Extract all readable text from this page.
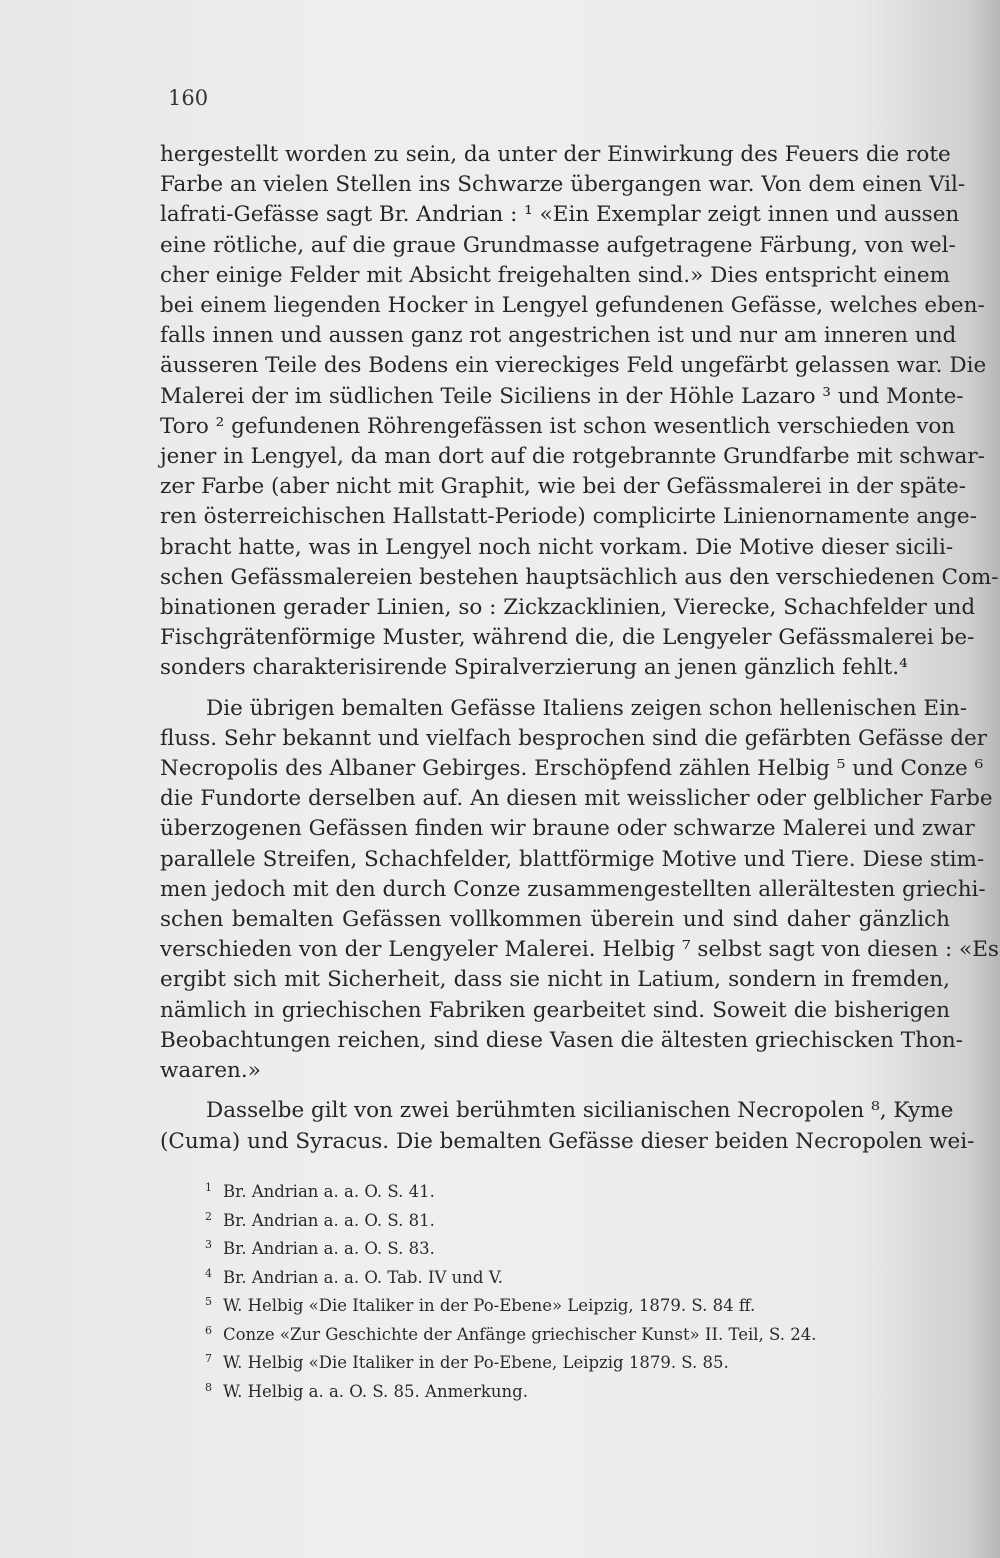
160
hergestellt worden zu sein, da unter der Einwirkung des Feuers die rote
Farbe an vielen Stellen ins Schwarze übergangen war. Von dem einen Vil-
lafrati-Gefässe sagt Br. Andrian : ¹ «Ein Exemplar zeigt innen und aussen
eine rötliche, auf die graue Grundmasse aufgetragene Färbung, von wel-
cher einige Felder mit Absicht freigehalten sind.» Dies entspricht einem
bei einem liegenden Hocker in Lengyel gefundenen Gefässe, welches eben-
falls innen und aussen ganz rot angestrichen ist und nur am inneren und
äusseren Teile des Bodens ein viereckiges Feld ungefärbt gelassen war. Die
Malerei der im südlichen Teile Siciliens in der Höhle Lazaro ³ und Monte-
Toro ² gefundenen Röhrengefässen ist schon wesentlich verschieden von
jener in Lengyel, da man dort auf die rotgebrannte Grundfarbe mit schwar-
zer Farbe (aber nicht mit Graphit, wie bei der Gefässmalerei in der späte-
ren österreichischen Hallstatt-Periode) complicirte Linienornamente ange-
bracht hatte, was in Lengyel noch nicht vorkam. Die Motive dieser sicili-
schen Gefässmalereien bestehen hauptsächlich aus den verschiedenen Com-
binationen gerader Linien, so : Zickzacklinien, Vierecke, Schachfelder und
Fischgrätenförmige Muster, während die, die Lengyeler Gefässmalerei be-
sonders charakterisirende Spiralverzierung an jenen gänzlich fehlt.⁴
Die übrigen bemalten Gefässe Italiens zeigen schon hellenischen Ein-
fluss. Sehr bekannt und vielfach besprochen sind die gefärbten Gefässe der
Necropolis des Albaner Gebirges. Erschöpfend zählen Helbig ⁵ und Conze ⁶
die Fundorte derselben auf. An diesen mit weisslicher oder gelblicher Farbe
überzogenen Gefässen finden wir braune oder schwarze Malerei und zwar
parallele Streifen, Schachfelder, blattförmige Motive und Tiere. Diese stim-
men jedoch mit den durch Conze zusammengestellten allerältesten griechi-
schen bemalten Gefässen vollkommen überein und sind daher gänzlich
verschieden von der Lengyeler Malerei. Helbig ⁷ selbst sagt von diesen : «Es
ergibt sich mit Sicherheit, dass sie nicht in Latium, sondern in fremden,
nämlich in griechischen Fabriken gearbeitet sind. Soweit die bisherigen
Beobachtungen reichen, sind diese Vasen die ältesten griechiscken Thon-
waaren.»
Dasselbe gilt von zwei berühmten sicilianischen Necropolen ⁸, Kyme
(Cuma) und Syracus. Die bemalten Gefässe dieser beiden Necropolen wei-
1 Br. Andrian a. a. O. S. 41.
2 Br. Andrian a. a. O. S. 81.
3 Br. Andrian a. a. O. S. 83.
4 Br. Andrian a. a. O. Tab. IV und V.
5 W. Helbig «Die Italiker in der Po-Ebene» Leipzig, 1879. S. 84 ff.
6 Conze «Zur Geschichte der Anfänge griechischer Kunst» II. Teil, S. 24.
7 W. Helbig «Die Italiker in der Po-Ebene, Leipzig 1879. S. 85.
8 W. Helbig a. a. O. S. 85. Anmerkung.
